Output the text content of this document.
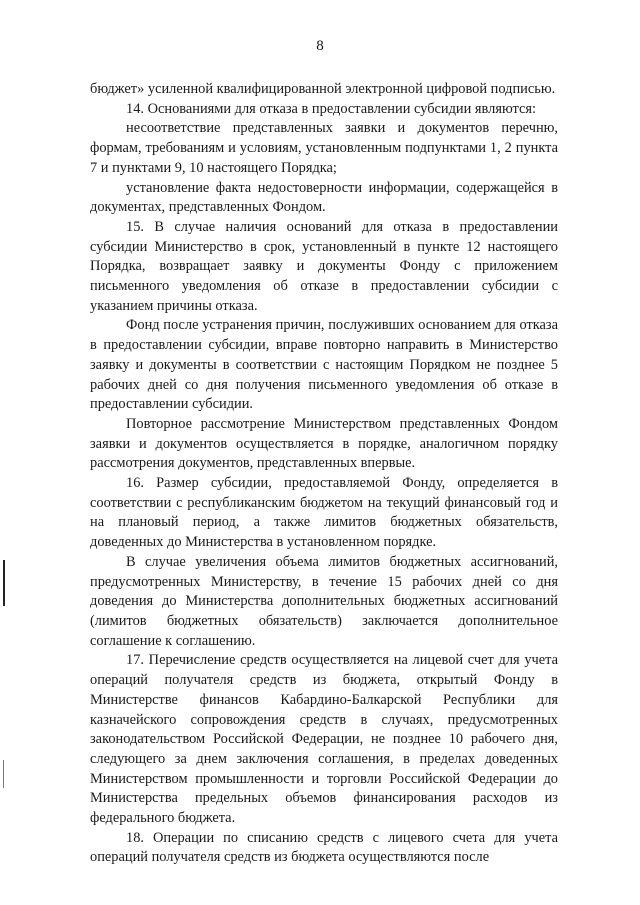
8

бюджет» усиленной квалифицированной электронной цифровой подписью.

14. Основаниями для отказа в предоставлении субсидии являются:

несоответствие представленных заявки и документов перечню, формам, требованиям и условиям, установленным подпунктами 1, 2 пункта 7 и пунктами 9, 10 настоящего Порядка;

установление факта недостоверности информации, содержащейся в документах, представленных Фондом.

15. В случае наличия оснований для отказа в предоставлении субсидии Министерство в срок, установленный в пункте 12 настоящего Порядка, возвращает заявку и документы Фонду с приложением письменного уведомления об отказе в предоставлении субсидии с указанием причины отказа.

Фонд после устранения причин, послуживших основанием для отказа в предоставлении субсидии, вправе повторно направить в Министерство заявку и документы в соответствии с настоящим Порядком не позднее 5 рабочих дней со дня получения письменного уведомления об отказе в предоставлении субсидии.

Повторное рассмотрение Министерством представленных Фондом заявки и документов осуществляется в порядке, аналогичном порядку рассмотрения документов, представленных впервые.

16. Размер субсидии, предоставляемой Фонду, определяется в соответствии с республиканским бюджетом на текущий финансовый год и на плановый период, а также лимитов бюджетных обязательств, доведенных до Министерства в установленном порядке.

В случае увеличения объема лимитов бюджетных ассигнований, предусмотренных Министерству, в течение 15 рабочих дней со дня доведения до Министерства дополнительных бюджетных ассигнований (лимитов бюджетных обязательств) заключается дополнительное соглашение к соглашению.

17. Перечисление средств осуществляется на лицевой счет для учета операций получателя средств из бюджета, открытый Фонду в Министерстве финансов Кабардино-Балкарской Республики для казначейского сопровождения средств в случаях, предусмотренных законодательством Российской Федерации, не позднее 10 рабочего дня, следующего за днем заключения соглашения, в пределах доведенных Министерством промышленности и торговли Российской Федерации до Министерства предельных объемов финансирования расходов из федерального бюджета.

18. Операции по списанию средств с лицевого счета для учета операций получателя средств из бюджета осуществляются после
